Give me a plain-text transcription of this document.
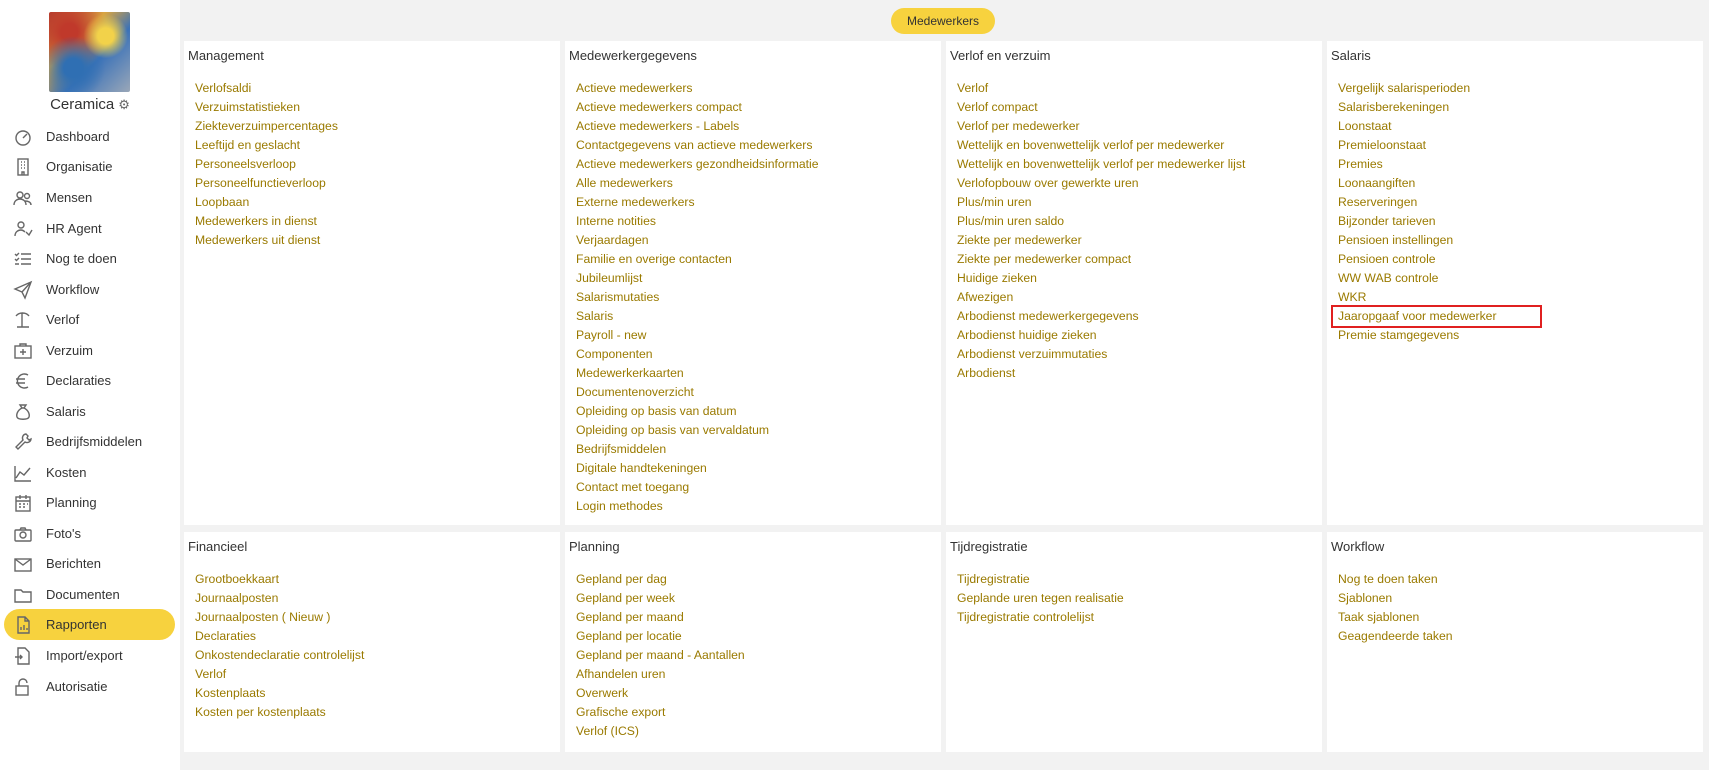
Ceramica ⚙
Dashboard
Organisatie
Mensen
HR Agent
Nog te doen
Workflow
Verlof
Verzuim
Declaraties
Salaris
Bedrijfsmiddelen
Kosten
Planning
Foto's
Berichten
Documenten
Rapporten
Import/export
Autorisatie
Medewerkers
Management
Verlofsaldi
Verzuimstatistieken
Ziekteverzuimpercentages
Leeftijd en geslacht
Personeelsverloop
Personeelfunctieverloop
Loopbaan
Medewerkers in dienst
Medewerkers uit dienst
Medewerkergegevens
Actieve medewerkers
Actieve medewerkers compact
Actieve medewerkers - Labels
Contactgegevens van actieve medewerkers
Actieve medewerkers gezondheidsinformatie
Alle medewerkers
Externe medewerkers
Interne notities
Verjaardagen
Familie en overige contacten
Jubileumlijst
Salarismutaties
Salaris
Payroll - new
Componenten
Medewerkerkaarten
Documentenoverzicht
Opleiding op basis van datum
Opleiding op basis van vervaldatum
Bedrijfsmiddelen
Digitale handtekeningen
Contact met toegang
Login methodes
Verlof en verzuim
Verlof
Verlof compact
Verlof per medewerker
Wettelijk en bovenwettelijk verlof per medewerker
Wettelijk en bovenwettelijk verlof per medewerker lijst
Verlofopbouw over gewerkte uren
Plus/min uren
Plus/min uren saldo
Ziekte per medewerker
Ziekte per medewerker compact
Huidige zieken
Afwezigen
Arbodienst medewerkergegevens
Arbodienst huidige zieken
Arbodienst verzuimmutaties
Arbodienst
Salaris
Vergelijk salarisperioden
Salarisberekeningen
Loonstaat
Premieloonstaat
Premies
Loonaangiften
Reserveringen
Bijzonder tarieven
Pensioen instellingen
Pensioen controle
WW WAB controle
WKR
Jaaropgaaf voor medewerker
Premie stamgegevens
Financieel
Grootboekkaart
Journaalposten
Journaalposten ( Nieuw )
Declaraties
Onkostendeclaratie controlelijst
Verlof
Kostenplaats
Kosten per kostenplaats
Planning
Gepland per dag
Gepland per week
Gepland per maand
Gepland per locatie
Gepland per maand - Aantallen
Afhandelen uren
Overwerk
Grafische export
Verlof (ICS)
Tijdregistratie
Tijdregistratie
Geplande uren tegen realisatie
Tijdregistratie controlelijst
Workflow
Nog te doen taken
Sjablonen
Taak sjablonen
Geagendeerde taken
